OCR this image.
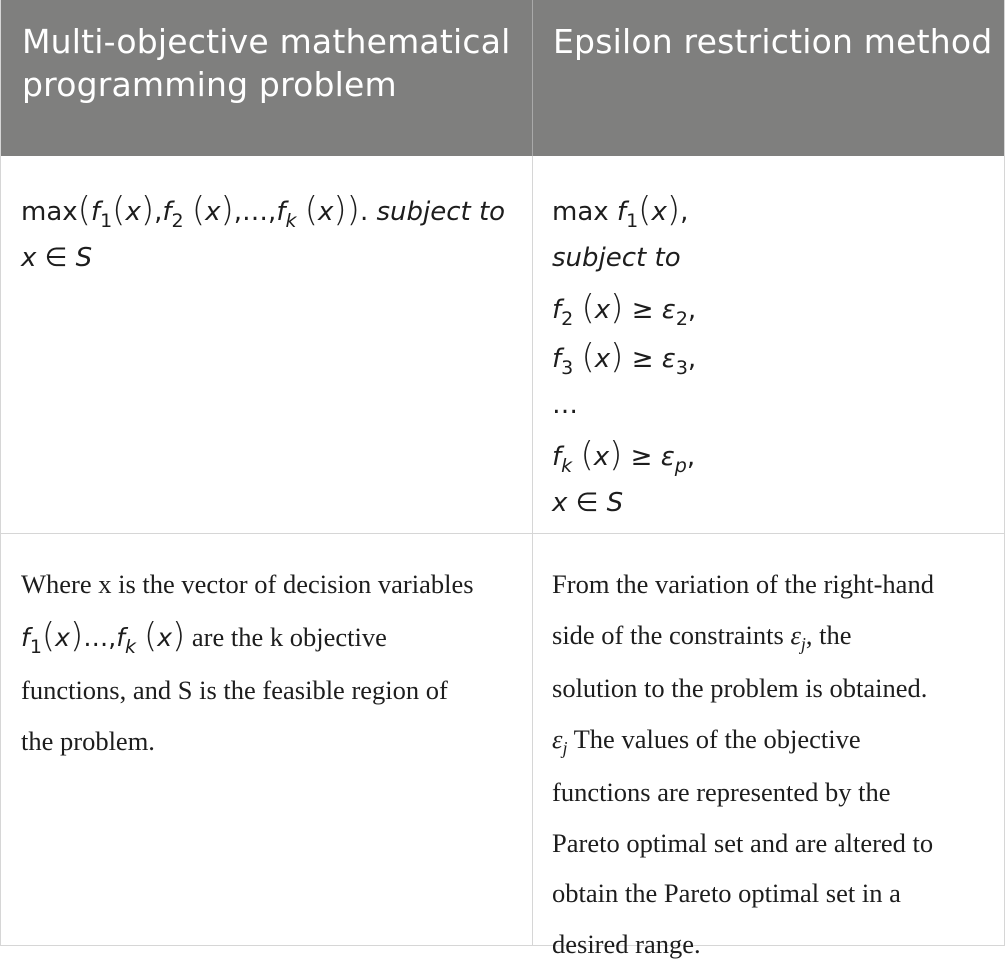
Multi-objective mathematical programming problem
Epsilon restriction method
$\max(f_1(x),f_2$ $(x),\dots,f_k$ (x)). subject to
x ∈ S
$\max f_1(x)$,
subject to
$f_2$ $(x) \ge \varepsilon_2$,
$f_3$ $(x) \ge \varepsilon_3$,
…
$f_k$ $(x) \ge \varepsilon_p$,
x ∈ S
Where x is the vector of decision variables
$f_1(x)\dots,f_k$ (x) are the k objective
functions, and S is the feasible region of
the problem.
From the variation of the right-hand
side of the constraints $\varepsilon_j$, the
solution to the problem is obtained.
$\varepsilon_j$ The values of the objective
functions are represented by the
Pareto optimal set and are altered to
obtain the Pareto optimal set in a
desired range.
